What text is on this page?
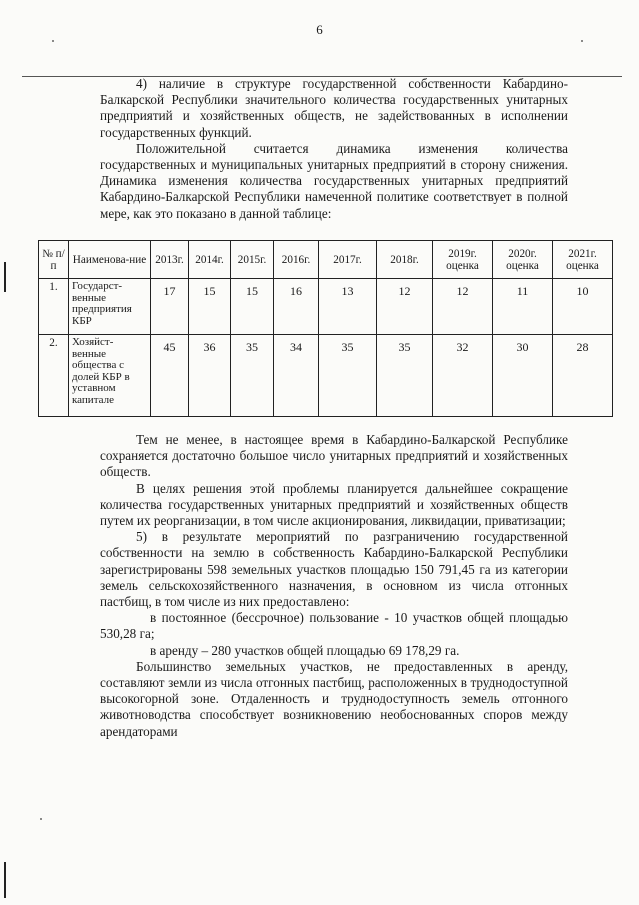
6

4) наличие в структуре государственной собственности Кабардино-Балкарской Республики значительного количества государственных унитарных предприятий и хозяйственных обществ, не задействованных в исполнении государственных функций.

Положительной считается динамика изменения количества государственных и муниципальных унитарных предприятий в сторону снижения. Динамика изменения количества государственных унитарных предприятий Кабардино-Балкарской Республики намеченной политике соответствует в полной мере, как это показано в данной таблице:

№ п/п	Наименова-ние	2013г.	2014г.	2015г.	2016г.	2017г.	2018г.	2019г. оценка	2020г. оценка	2021г. оценка
1.	Государст-венные предприятия КБР	17	15	15	16	13	12	12	11	10
2.	Хозяйст-венные общества с долей КБР в уставном капитале	45	36	35	34	35	35	32	30	28

Тем не менее, в настоящее время в Кабардино-Балкарской Республике сохраняется достаточно большое число унитарных предприятий и хозяйственных обществ.

В целях решения этой проблемы планируется дальнейшее сокращение количества государственных унитарных предприятий и хозяйственных обществ путем их реорганизации, в том числе акционирования, ликвидации, приватизации;

5) в результате мероприятий по разграничению государственной собственности на землю в собственность Кабардино-Балкарской Республики зарегистрированы 598 земельных участков площадью 150 791,45 га из категории земель сельскохозяйственного назначения, в основном из числа отгонных пастбищ, в том числе из них предоставлено:

в постоянное (бессрочное) пользование - 10 участков общей площадью 530,28 га;

в аренду – 280 участков общей площадью 69 178,29 га.

Большинство земельных участков, не предоставленных в аренду, составляют земли из числа отгонных пастбищ, расположенных в труднодоступной высокогорной зоне. Отдаленность и труднодоступность земель отгонного животноводства способствует возникновению необоснованных споров между арендаторами
